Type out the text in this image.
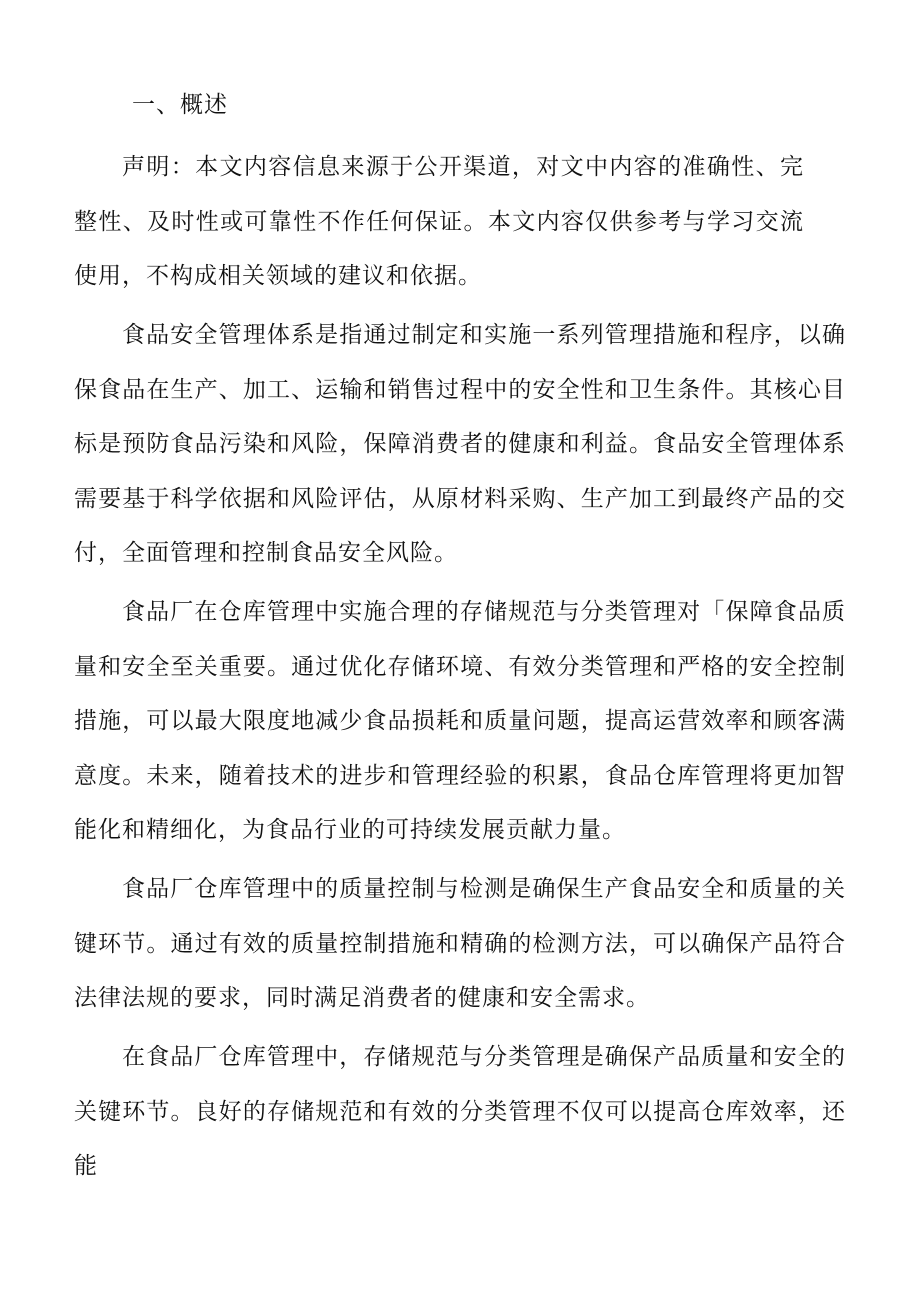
一、概述

声明：本文内容信息来源于公开渠道，对文中内容的准确性、完整性、及时性或可靠性不作任何保证。本文内容仅供参考与学习交流使用，不构成相关领域的建议和依据。

食品安全管理体系是指通过制定和实施一系列管理措施和程序，以确保食品在生产、加工、运输和销售过程中的安全性和卫生条件。其核心目标是预防食品污染和风险，保障消费者的健康和利益。食品安全管理体系需要基于科学依据和风险评估，从原材料采购、生产加工到最终产品的交付，全面管理和控制食品安全风险。

食品厂在仓库管理中实施合理的存储规范与分类管理对「保障食品质量和安全至关重要。通过优化存储环境、有效分类管理和严格的安全控制措施，可以最大限度地减少食品损耗和质量问题，提高运营效率和顾客满意度。未来，随着技术的进步和管理经验的积累，食品仓库管理将更加智能化和精细化，为食品行业的可持续发展贡献力量。

食品厂仓库管理中的质量控制与检测是确保生产食品安全和质量的关键环节。通过有效的质量控制措施和精确的检测方法，可以确保产品符合法律法规的要求，同时满足消费者的健康和安全需求。

在食品厂仓库管理中，存储规范与分类管理是确保产品质量和安全的关键环节。良好的存储规范和有效的分类管理不仅可以提高仓库效率，还能
